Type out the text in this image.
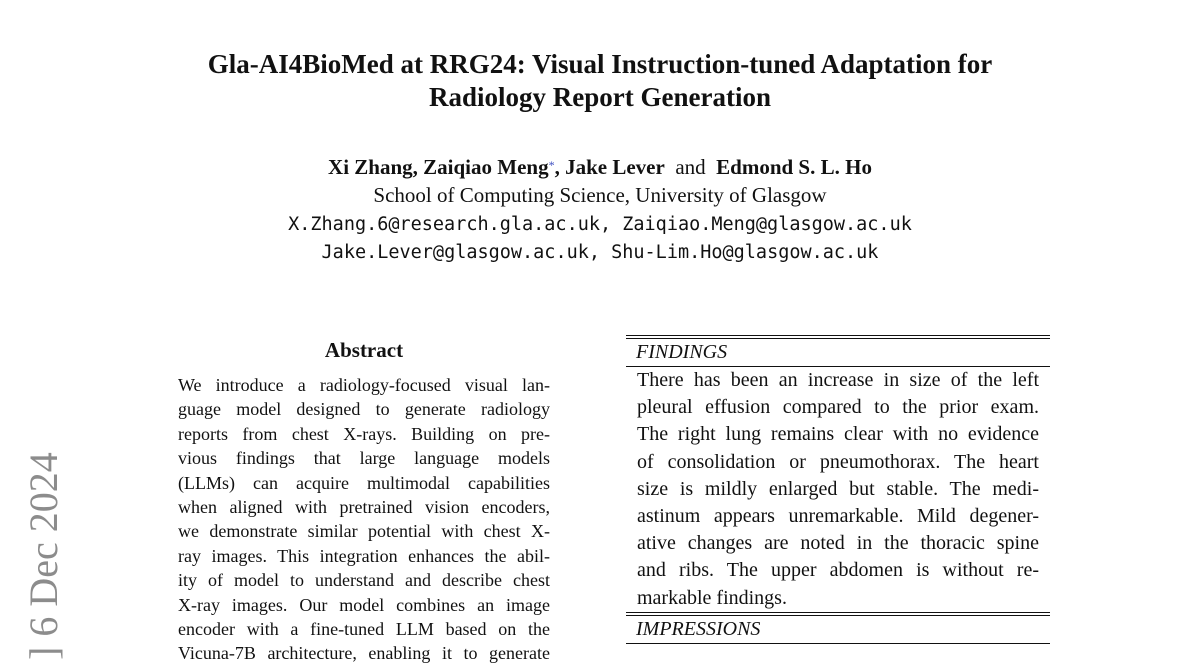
Gla-AI4BioMed at RRG24: Visual Instruction-tuned Adaptation for
Radiology Report Generation
Xi Zhang, Zaiqiao Meng*, Jake Lever and Edmond S. L. Ho
School of Computing Science, University of Glasgow
X.Zhang.6@research.gla.ac.uk, Zaiqiao.Meng@glasgow.ac.uk
Jake.Lever@glasgow.ac.uk, Shu-Lim.Ho@glasgow.ac.uk
] 6 Dec 2024
Abstract
We introduce a radiology-focused visual lan-
guage model designed to generate radiology
reports from chest X-rays. Building on pre-
vious findings that large language models
(LLMs) can acquire multimodal capabilities
when aligned with pretrained vision encoders,
we demonstrate similar potential with chest X-
ray images. This integration enhances the abil-
ity of model to understand and describe chest
X-ray images. Our model combines an image
encoder with a fine-tuned LLM based on the
Vicuna-7B architecture, enabling it to generate
FINDINGS
There has been an increase in size of the left
pleural effusion compared to the prior exam.
The right lung remains clear with no evidence
of consolidation or pneumothorax. The heart
size is mildly enlarged but stable. The medi-
astinum appears unremarkable. Mild degener-
ative changes are noted in the thoracic spine
and ribs. The upper abdomen is without re-
markable findings.
IMPRESSIONS
